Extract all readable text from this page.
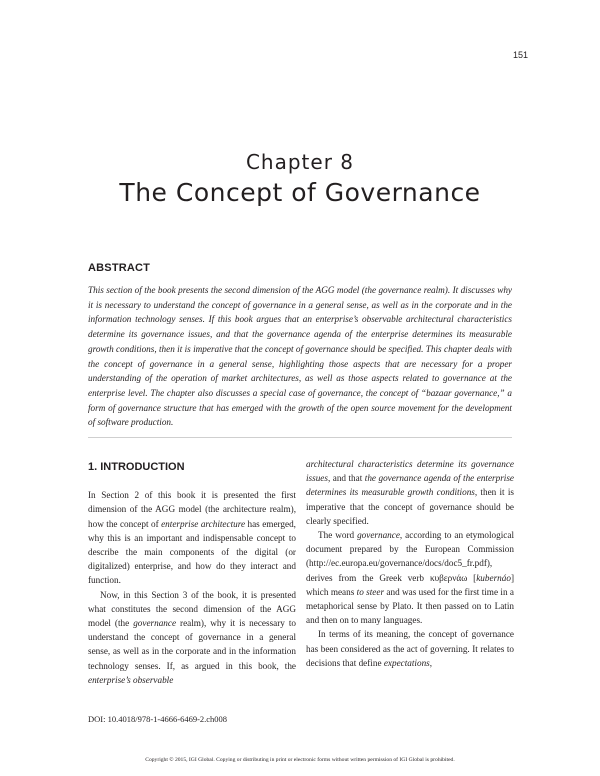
151
Chapter 8
The Concept of Governance
ABSTRACT
This section of the book presents the second dimension of the AGG model (the governance realm). It discusses why it is necessary to understand the concept of governance in a general sense, as well as in the corporate and in the information technology senses. If this book argues that an enterprise’s observable architectural characteristics determine its governance issues, and that the governance agenda of the enterprise determines its measurable growth conditions, then it is imperative that the concept of governance should be specified. This chapter deals with the concept of governance in a general sense, highlighting those aspects that are necessary for a proper understanding of the operation of market architectures, as well as those aspects related to governance at the enterprise level. The chapter also discusses a special case of governance, the concept of “bazaar governance,” a form of governance structure that has emerged with the growth of the open source movement for the development of software production.

1. INTRODUCTION

In Section 2 of this book it is presented the first dimension of the AGG model (the architecture realm), how the concept of enterprise architecture has emerged, why this is an important and indispensable concept to describe the main components of the digital (or digitalized) enterprise, and how do they interact and function.

Now, in this Section 3 of the book, it is presented what constitutes the second dimension of the AGG model (the governance realm), why it is necessary to understand the concept of governance in a general sense, as well as in the corporate and in the information technology senses. If, as argued in this book, the enterprise’s observable

architectural characteristics determine its governance issues, and that the governance agenda of the enterprise determines its measurable growth conditions, then it is imperative that the concept of governance should be clearly specified.

The word governance, according to an etymological document prepared by the European Commission (http://ec.europa.eu/governance/docs/doc5_fr.pdf), derives from the Greek verb κυβερνάω [kubernáo] which means to steer and was used for the first time in a metaphorical sense by Plato. It then passed on to Latin and then on to many languages.

In terms of its meaning, the concept of governance has been considered as the act of governing. It relates to decisions that define expectations,

DOI: 10.4018/978-1-4666-6469-2.ch008
Copyright © 2015, IGI Global. Copying or distributing in print or electronic forms without written permission of IGI Global is prohibited.
